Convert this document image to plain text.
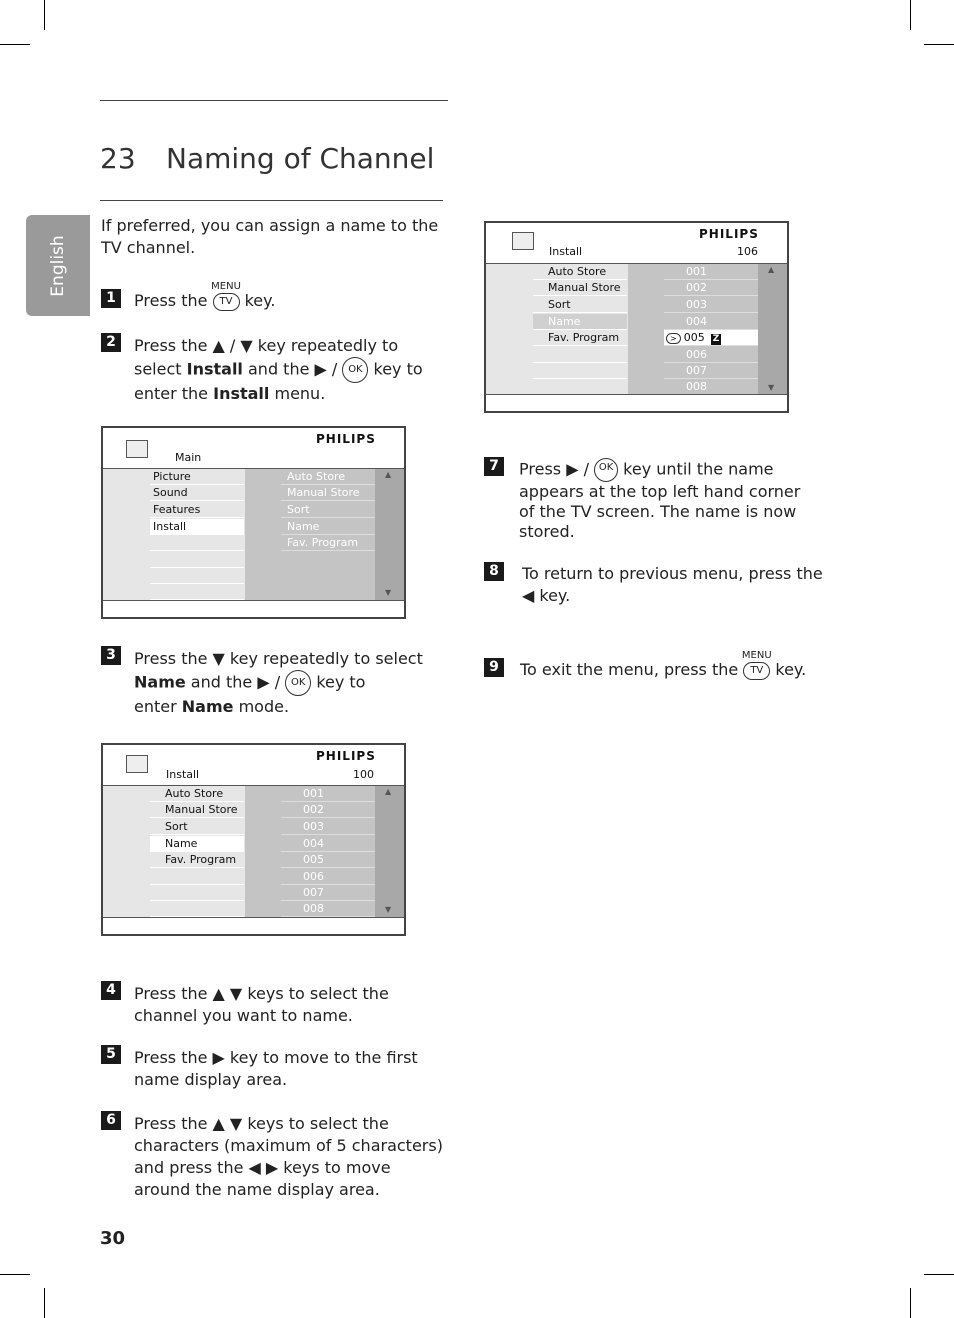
English
23 Naming of Channel
If preferred, you can assign a name to the TV channel.
1	Press the
MENU
TV key.
2	Press the ▲ / ▼ key repeatedly to
select Install and the ▶ / OK key to
enter the Install menu.
PHILIPS
Main
Picture
Sound
Features
Install
Auto Store
Manual Store
Sort
Name
Fav. Program
▲
▼
3	Press the ▼ key repeatedly to select
Name and the ▶ / OK key to
enter Name mode.
PHILIPS
Install	100
Auto Store
Manual Store
Sort
Name
Fav. Program
001
002
003
004
005
006
007
008
▲
▼
4	Press the ▲ ▼ keys to select the
channel you want to name.
5	Press the ▶ key to move to the first
name display area.
6	Press the ▲ ▼ keys to select the
characters (maximum of 5 characters)
and press the ◀ ▶ keys to move
around the name display area.
PHILIPS
Install	106
Auto Store
Manual Store
Sort
Name
Fav. Program
001
002
003
004
> 005 Z
006
007
008
▲
▼
7	Press ▶ / OK key until the name
appears at the top left hand corner
of the TV screen. The name is now
stored.
8	To return to previous menu, press the
◀ key.
9	To exit the menu, press the
MENU
TV key.
30
